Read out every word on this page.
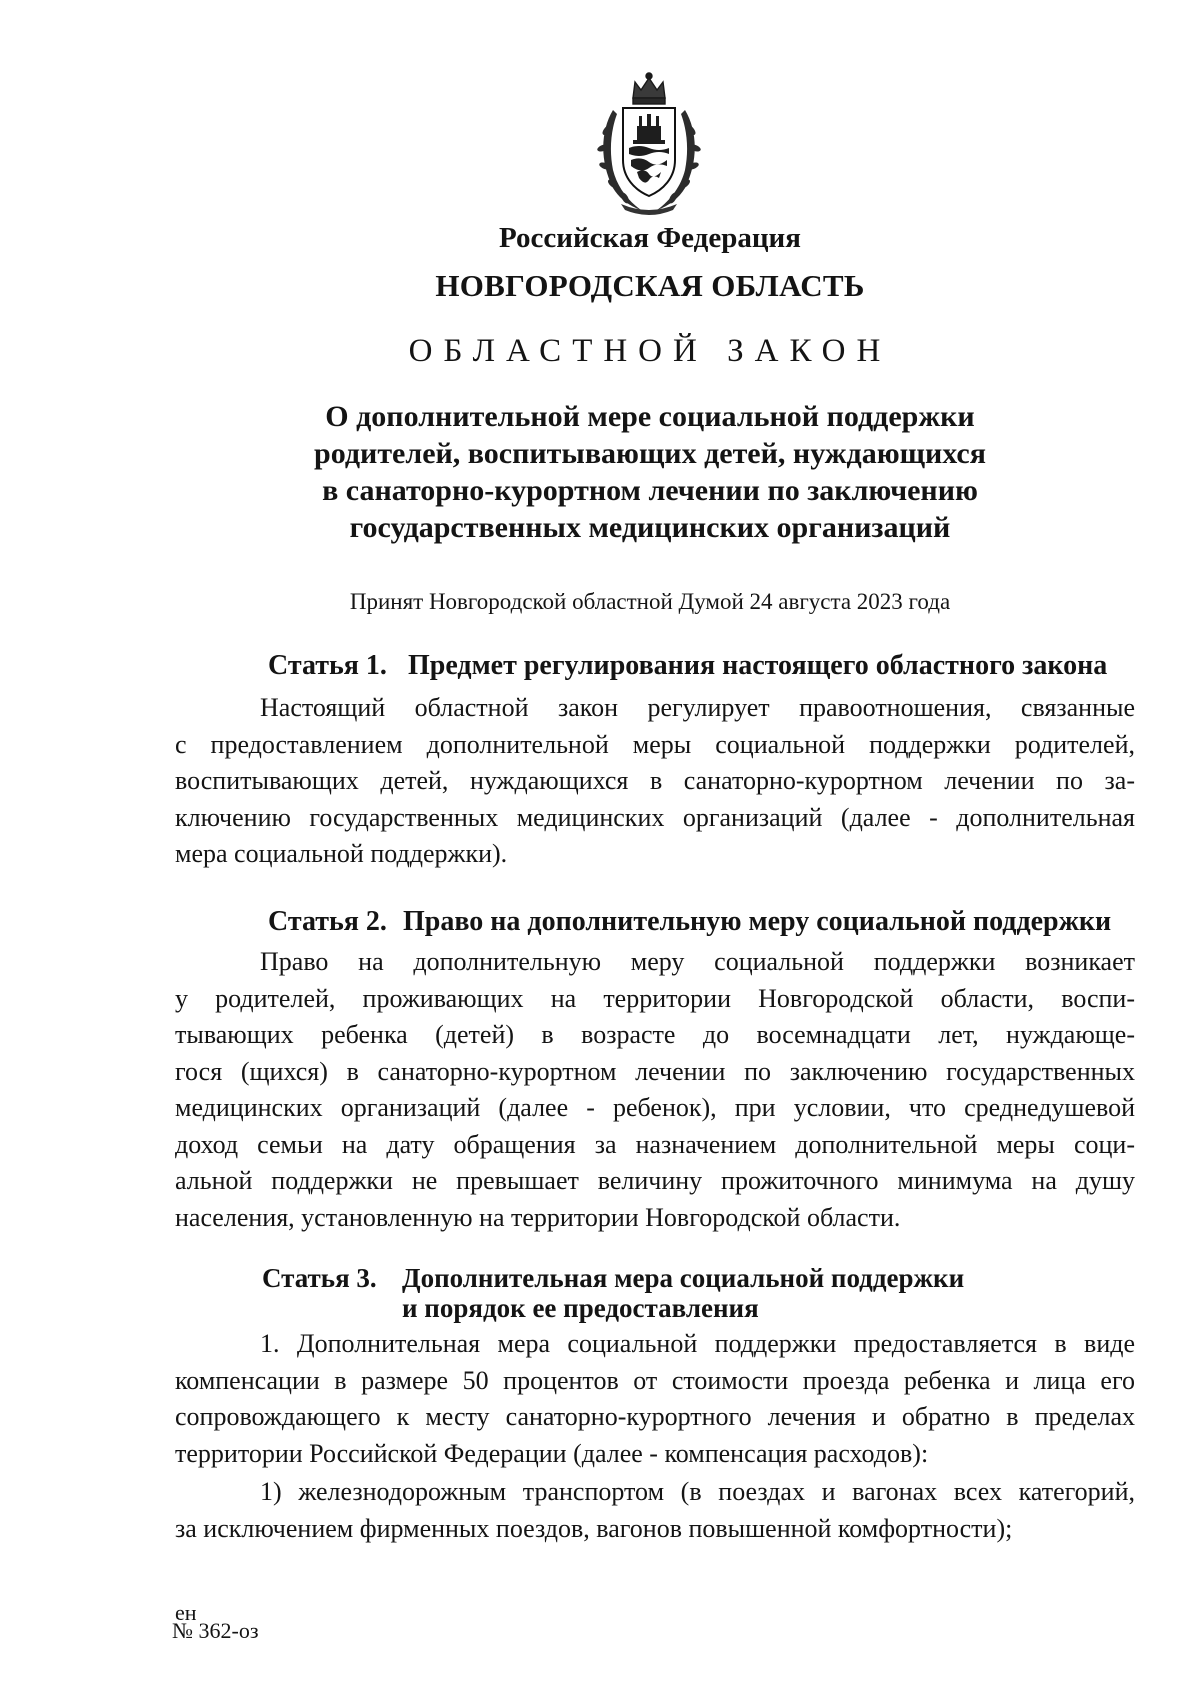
Российская Федерация

НОВГОРОДСКАЯ ОБЛАСТЬ

ОБЛАСТНОЙ ЗАКОН

О дополнительной мере социальной поддержки
родителей, воспитывающих детей, нуждающихся
в санаторно-курортном лечении по заключению
государственных медицинских организаций

Принят Новгородской областной Думой 24 августа 2023 года

Статья 1. Предмет регулирования настоящего областного закона
Настоящий областной закон регулирует правоотношения, связанные
с предоставлением дополнительной меры социальной поддержки родителей,
воспитывающих детей, нуждающихся в санаторно-курортном лечении по за-
ключению государственных медицинских организаций (далее - дополнительная
мера социальной поддержки).
Статья 2. Право на дополнительную меру социальной поддержки
Право на дополнительную меру социальной поддержки возникает
у родителей, проживающих на территории Новгородской области, воспи-
тывающих ребенка (детей) в возрасте до восемнадцати лет, нуждающе-
гося (щихся) в санаторно-курортном лечении по заключению государственных
медицинских организаций (далее - ребенок), при условии, что среднедушевой
доход семьи на дату обращения за назначением дополнительной меры соци-
альной поддержки не превышает величину прожиточного минимума на душу
населения, установленную на территории Новгородской области.
Статья 3. Дополнительная мера социальной поддержки
и порядок ее предоставления
1. Дополнительная мера социальной поддержки предоставляется в виде
компенсации в размере 50 процентов от стоимости проезда ребенка и лица его
сопровождающего к месту санаторно-курортного лечения и обратно в пределах
территории Российской Федерации (далее - компенсация расходов):
1) железнодорожным транспортом (в поездах и вагонах всех категорий,
за исключением фирменных поездов, вагонов повышенной комфортности);

ен

№ 362-оз
